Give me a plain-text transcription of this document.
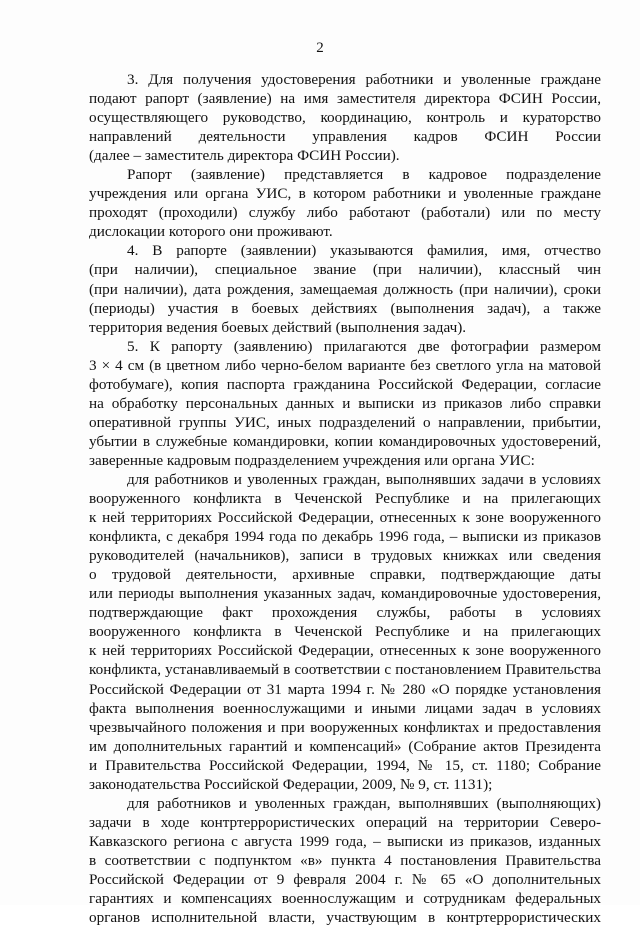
2
3. Для получения удостоверения работники и уволенные граждане
подают рапорт (заявление) на имя заместителя директора ФСИН России,
осуществляющего руководство, координацию, контроль и кураторство
направлений деятельности управления кадров ФСИН России
(далее – заместитель директора ФСИН России).
Рапорт (заявление) представляется в кадровое подразделение
учреждения или органа УИС, в котором работники и уволенные граждане
проходят (проходили) службу либо работают (работали) или по месту
дислокации которого они проживают.
4. В рапорте (заявлении) указываются фамилия, имя, отчество
(при наличии), специальное звание (при наличии), классный чин
(при наличии), дата рождения, замещаемая должность (при наличии), сроки
(периоды) участия в боевых действиях (выполнения задач), а также
территория ведения боевых действий (выполнения задач).
5. К рапорту (заявлению) прилагаются две фотографии размером
3 × 4 см (в цветном либо черно-белом варианте без светлого угла на матовой
фотобумаге), копия паспорта гражданина Российской Федерации, согласие
на обработку персональных данных и выписки из приказов либо справки
оперативной группы УИС, иных подразделений о направлении, прибытии,
убытии в служебные командировки, копии командировочных удостоверений,
заверенные кадровым подразделением учреждения или органа УИС:
для работников и уволенных граждан, выполнявших задачи в условиях
вооруженного конфликта в Чеченской Республике и на прилегающих
к ней территориях Российской Федерации, отнесенных к зоне вооруженного
конфликта, с декабря 1994 года по декабрь 1996 года, – выписки из приказов
руководителей (начальников), записи в трудовых книжках или сведения
о трудовой деятельности, архивные справки, подтверждающие даты
или периоды выполнения указанных задач, командировочные удостоверения,
подтверждающие факт прохождения службы, работы в условиях
вооруженного конфликта в Чеченской Республике и на прилегающих
к ней территориях Российской Федерации, отнесенных к зоне вооруженного
конфликта, устанавливаемый в соответствии с постановлением Правительства
Российской Федерации от 31 марта 1994 г. № 280 «О порядке установления
факта выполнения военнослужащими и иными лицами задач в условиях
чрезвычайного положения и при вооруженных конфликтах и предоставления
им дополнительных гарантий и компенсаций» (Собрание актов Президента
и Правительства Российской Федерации, 1994, № 15, ст. 1180; Собрание
законодательства Российской Федерации, 2009, № 9, ст. 1131);
для работников и уволенных граждан, выполнявших (выполняющих)
задачи в ходе контртеррористических операций на территории Северо-
Кавказского региона с августа 1999 года, – выписки из приказов, изданных
в соответствии с подпунктом «в» пункта 4 постановления Правительства
Российской Федерации от 9 февраля 2004 г. № 65 «О дополнительных
гарантиях и компенсациях военнослужащим и сотрудникам федеральных
органов исполнительной власти, участвующим в контртеррористических
